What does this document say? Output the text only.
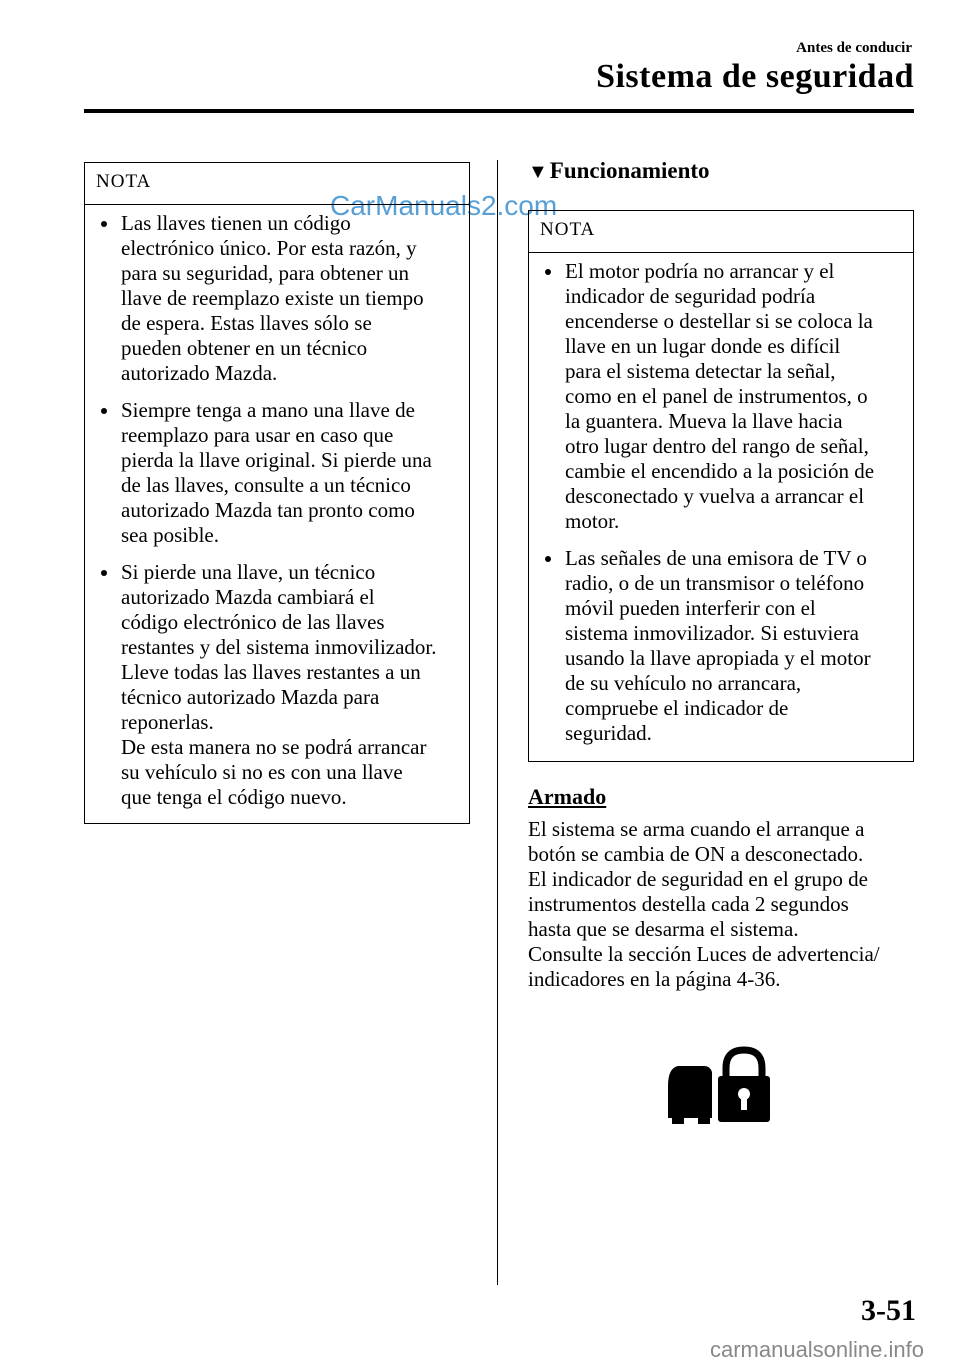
Antes de conducir
Sistema de seguridad
CarManuals2.com
NOTA
Las llaves tienen un código
electrónico único. Por esta razón, y
para su seguridad, para obtener un
llave de reemplazo existe un tiempo
de espera. Estas llaves sólo se
pueden obtener en un técnico
autorizado Mazda.
Siempre tenga a mano una llave de
reemplazo para usar en caso que
pierda la llave original. Si pierde una
de las llaves, consulte a un técnico
autorizado Mazda tan pronto como
sea posible.
Si pierde una llave, un técnico
autorizado Mazda cambiará el
código electrónico de las llaves
restantes y del sistema inmovilizador.
Lleve todas las llaves restantes a un
técnico autorizado Mazda para
reponerlas.
De esta manera no se podrá arrancar
su vehículo si no es con una llave
que tenga el código nuevo.
▼Funcionamiento
NOTA
El motor podría no arrancar y el
indicador de seguridad podría
encenderse o destellar si se coloca la
llave en un lugar donde es difícil
para el sistema detectar la señal,
como en el panel de instrumentos, o
la guantera. Mueva la llave hacia
otro lugar dentro del rango de señal,
cambie el encendido a la posición de
desconectado y vuelva a arrancar el
motor.
Las señales de una emisora de TV o
radio, o de un transmisor o teléfono
móvil pueden interferir con el
sistema inmovilizador. Si estuviera
usando la llave apropiada y el motor
de su vehículo no arrancara,
compruebe el indicador de
seguridad.
Armado
El sistema se arma cuando el arranque a
botón se cambia de ON a desconectado.
El indicador de seguridad en el grupo de
instrumentos destella cada 2 segundos
hasta que se desarma el sistema.
Consulte la sección Luces de advertencia/
indicadores en la página 4-36.
3-51
carmanualsonline.info
